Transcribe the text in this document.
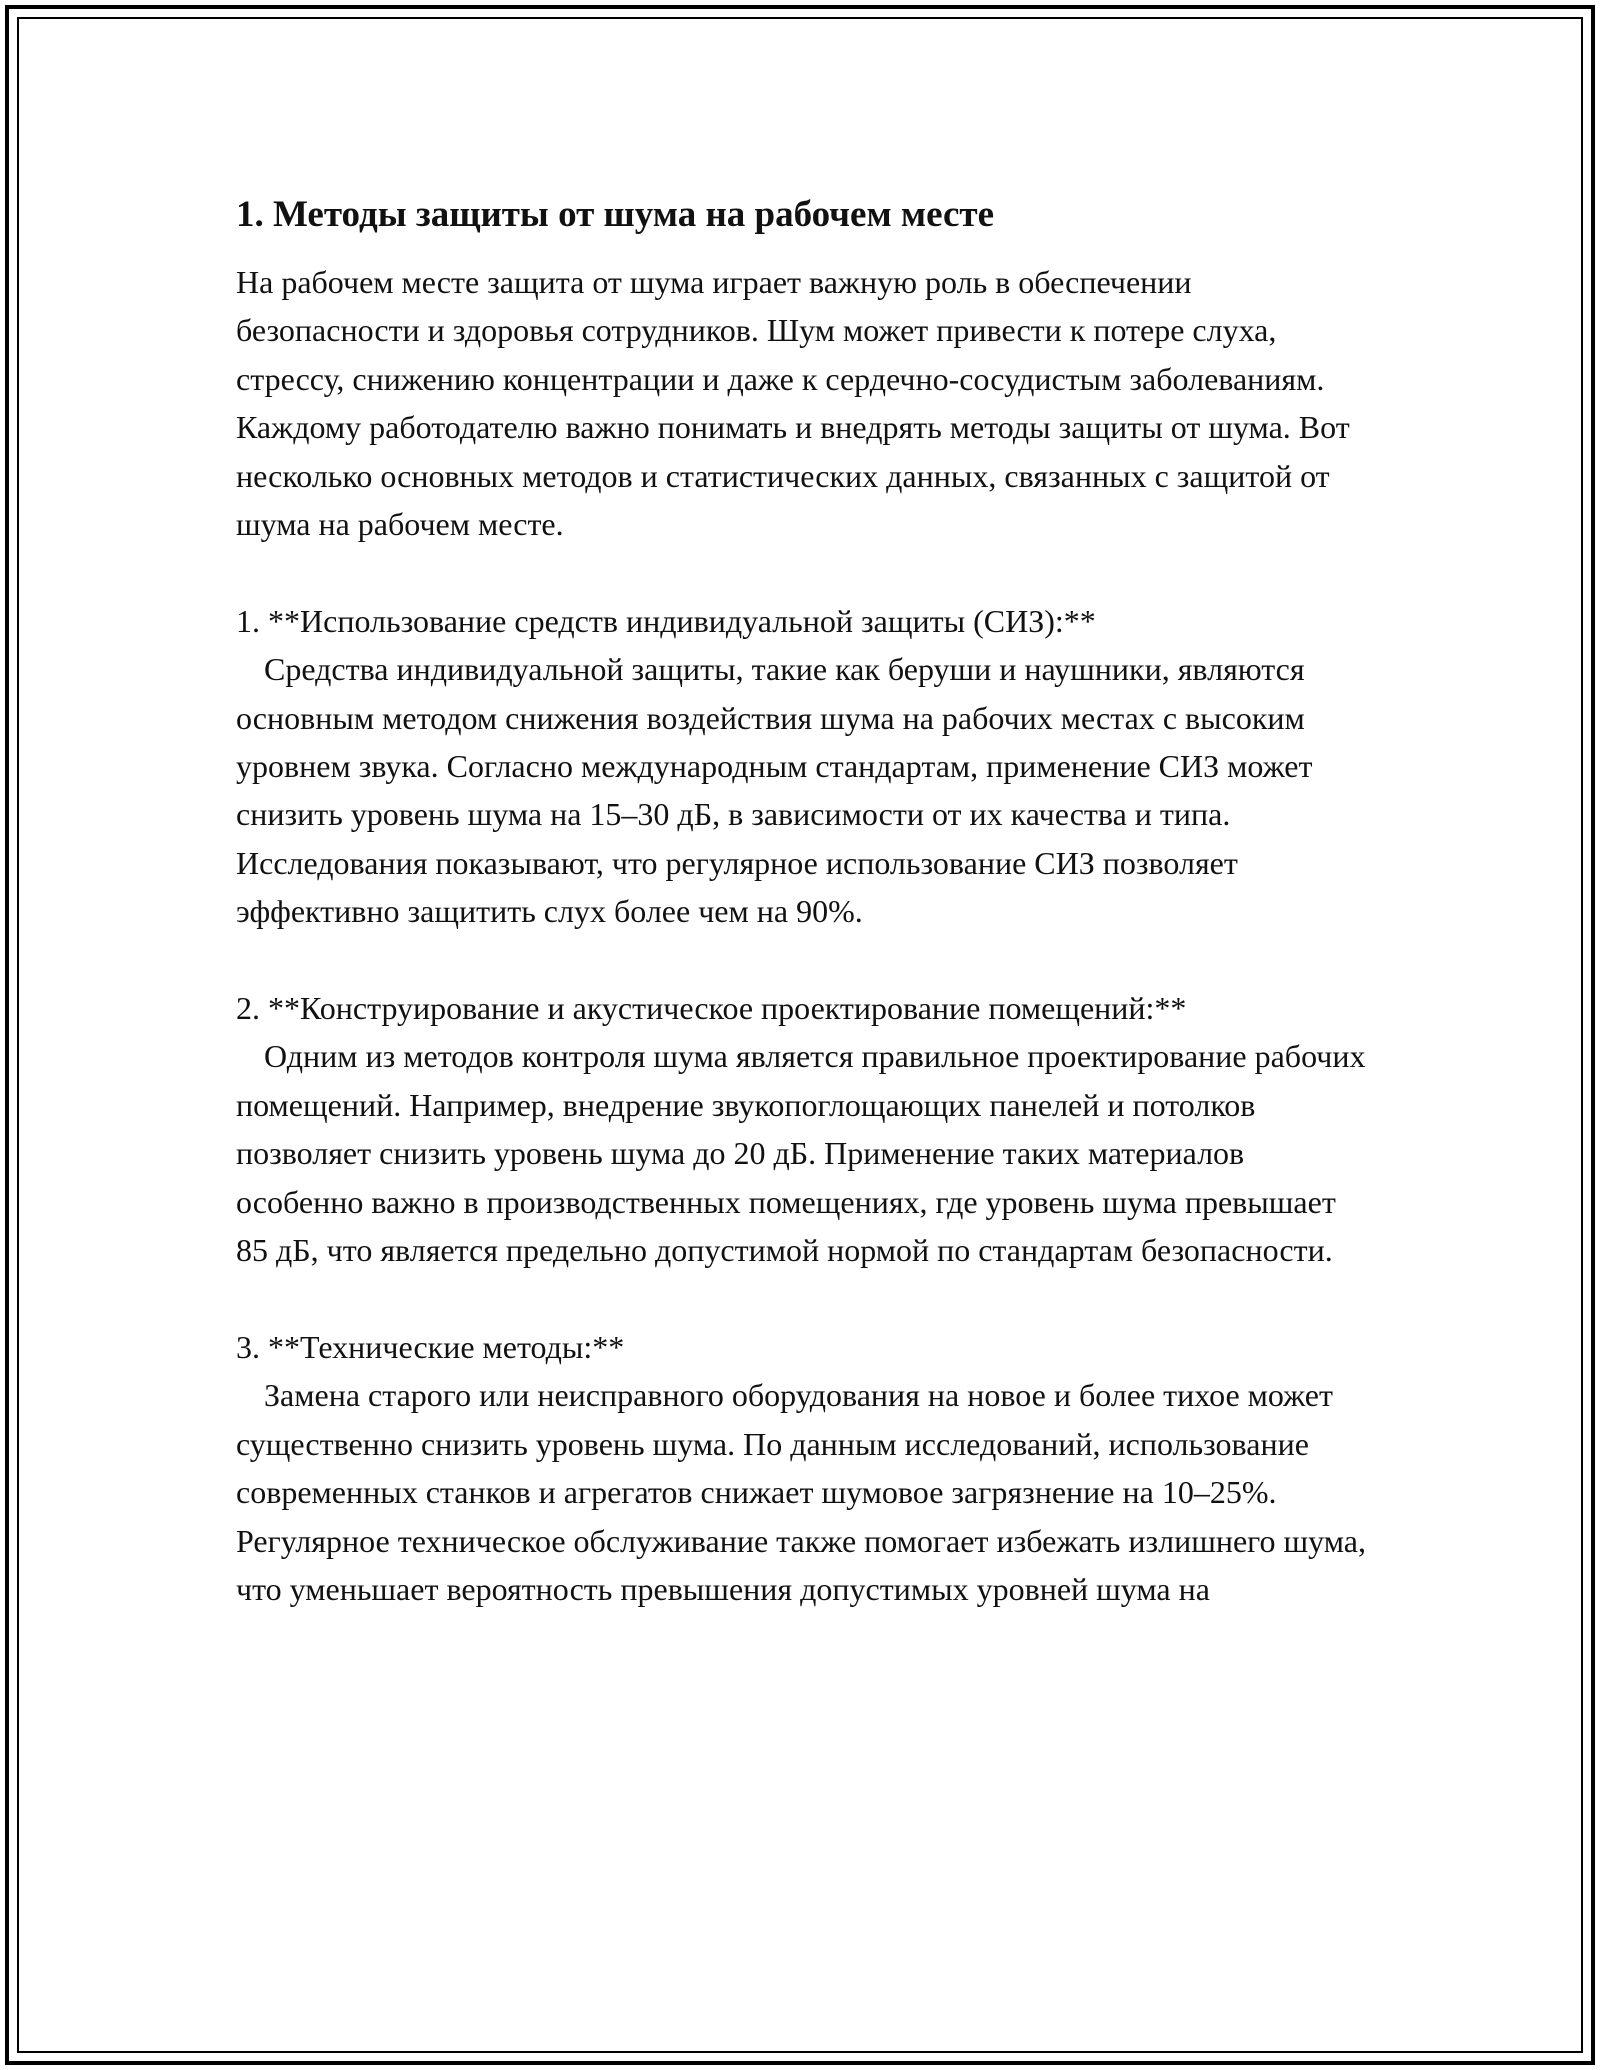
1. Методы защиты от шума на рабочем месте

На рабочем месте защита от шума играет важную роль в обеспечении безопасности и здоровья сотрудников. Шум может привести к потере слуха, стрессу, снижению концентрации и даже к сердечно-сосудистым заболеваниям. Каждому работодателю важно понимать и внедрять методы защиты от шума. Вот несколько основных методов и статистических данных, связанных с защитой от шума на рабочем месте.

1. **Использование средств индивидуальной защиты (СИЗ):**

Средства индивидуальной защиты, такие как беруши и наушники, являются основным методом снижения воздействия шума на рабочих местах с высоким уровнем звука. Согласно международным стандартам, применение СИЗ может снизить уровень шума на 15–30 дБ, в зависимости от их качества и типа. Исследования показывают, что регулярное использование СИЗ позволяет эффективно защитить слух более чем на 90%.

2. **Конструирование и акустическое проектирование помещений:**

Одним из методов контроля шума является правильное проектирование рабочих помещений. Например, внедрение звукопоглощающих панелей и потолков позволяет снизить уровень шума до 20 дБ. Применение таких материалов особенно важно в производственных помещениях, где уровень шума превышает 85 дБ, что является предельно допустимой нормой по стандартам безопасности.

3. **Технические методы:**

Замена старого или неисправного оборудования на новое и более тихое может существенно снизить уровень шума. По данным исследований, использование современных станков и агрегатов снижает шумовое загрязнение на 10–25%. Регулярное техническое обслуживание также помогает избежать излишнего шума, что уменьшает вероятность превышения допустимых уровней шума на
